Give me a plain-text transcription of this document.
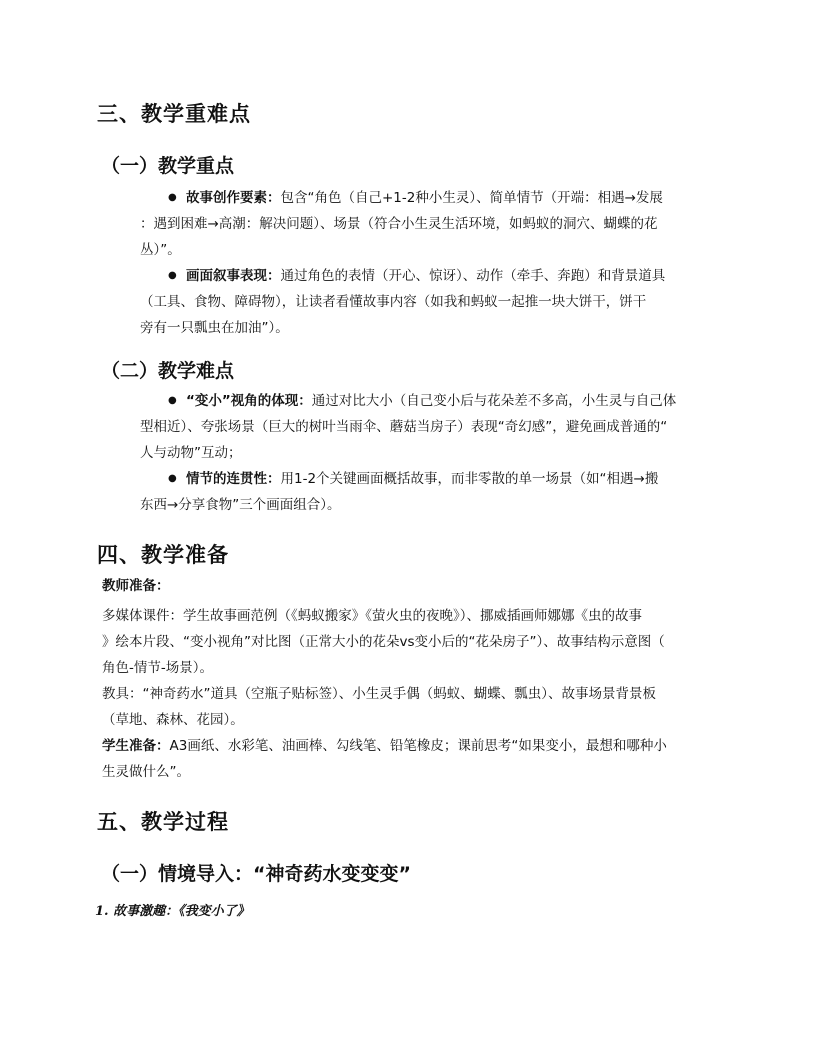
三、教学重难点
（一）教学重点
● 故事创作要素：包含“角色（自己+1-2种小生灵）、简单情节（开端：相遇→发展
：遇到困难→高潮：解决问题）、场景（符合小生灵生活环境，如蚂蚁的洞穴、蝴蝶的花
丛）”。
● 画面叙事表现：通过角色的表情（开心、惊讶）、动作（牵手、奔跑）和背景道具
（工具、食物、障碍物），让读者看懂故事内容（如我和蚂蚁一起推一块大饼干，饼干
旁有一只瓢虫在加油”）。
（二）教学难点
● “变小”视角的体现：通过对比大小（自己变小后与花朵差不多高，小生灵与自己体
型相近）、夸张场景（巨大的树叶当雨伞、蘑菇当房子）表现“奇幻感”，避免画成普通的“
人与动物”互动；
● 情节的连贯性：用1-2个关键画面概括故事，而非零散的单一场景（如“相遇→搬
东西→分享食物”三个画面组合）。
四、教学准备
教师准备：
多媒体课件：学生故事画范例（《蚂蚁搬家》《萤火虫的夜晚》）、挪威插画师娜娜《虫的故事
》绘本片段、“变小视角”对比图（正常大小的花朵vs变小后的“花朵房子”）、故事结构示意图（
角色-情节-场景）。
教具：“神奇药水”道具（空瓶子贴标签）、小生灵手偶（蚂蚁、蝴蝶、瓢虫）、故事场景背景板
（草地、森林、花园）。
学生准备：A3画纸、水彩笔、油画棒、勾线笔、铅笔橡皮；课前思考“如果变小，最想和哪种小
生灵做什么”。
五、教学过程
（一）情境导入：“神奇药水变变变”
1. 故事激趣：《我变小了》
